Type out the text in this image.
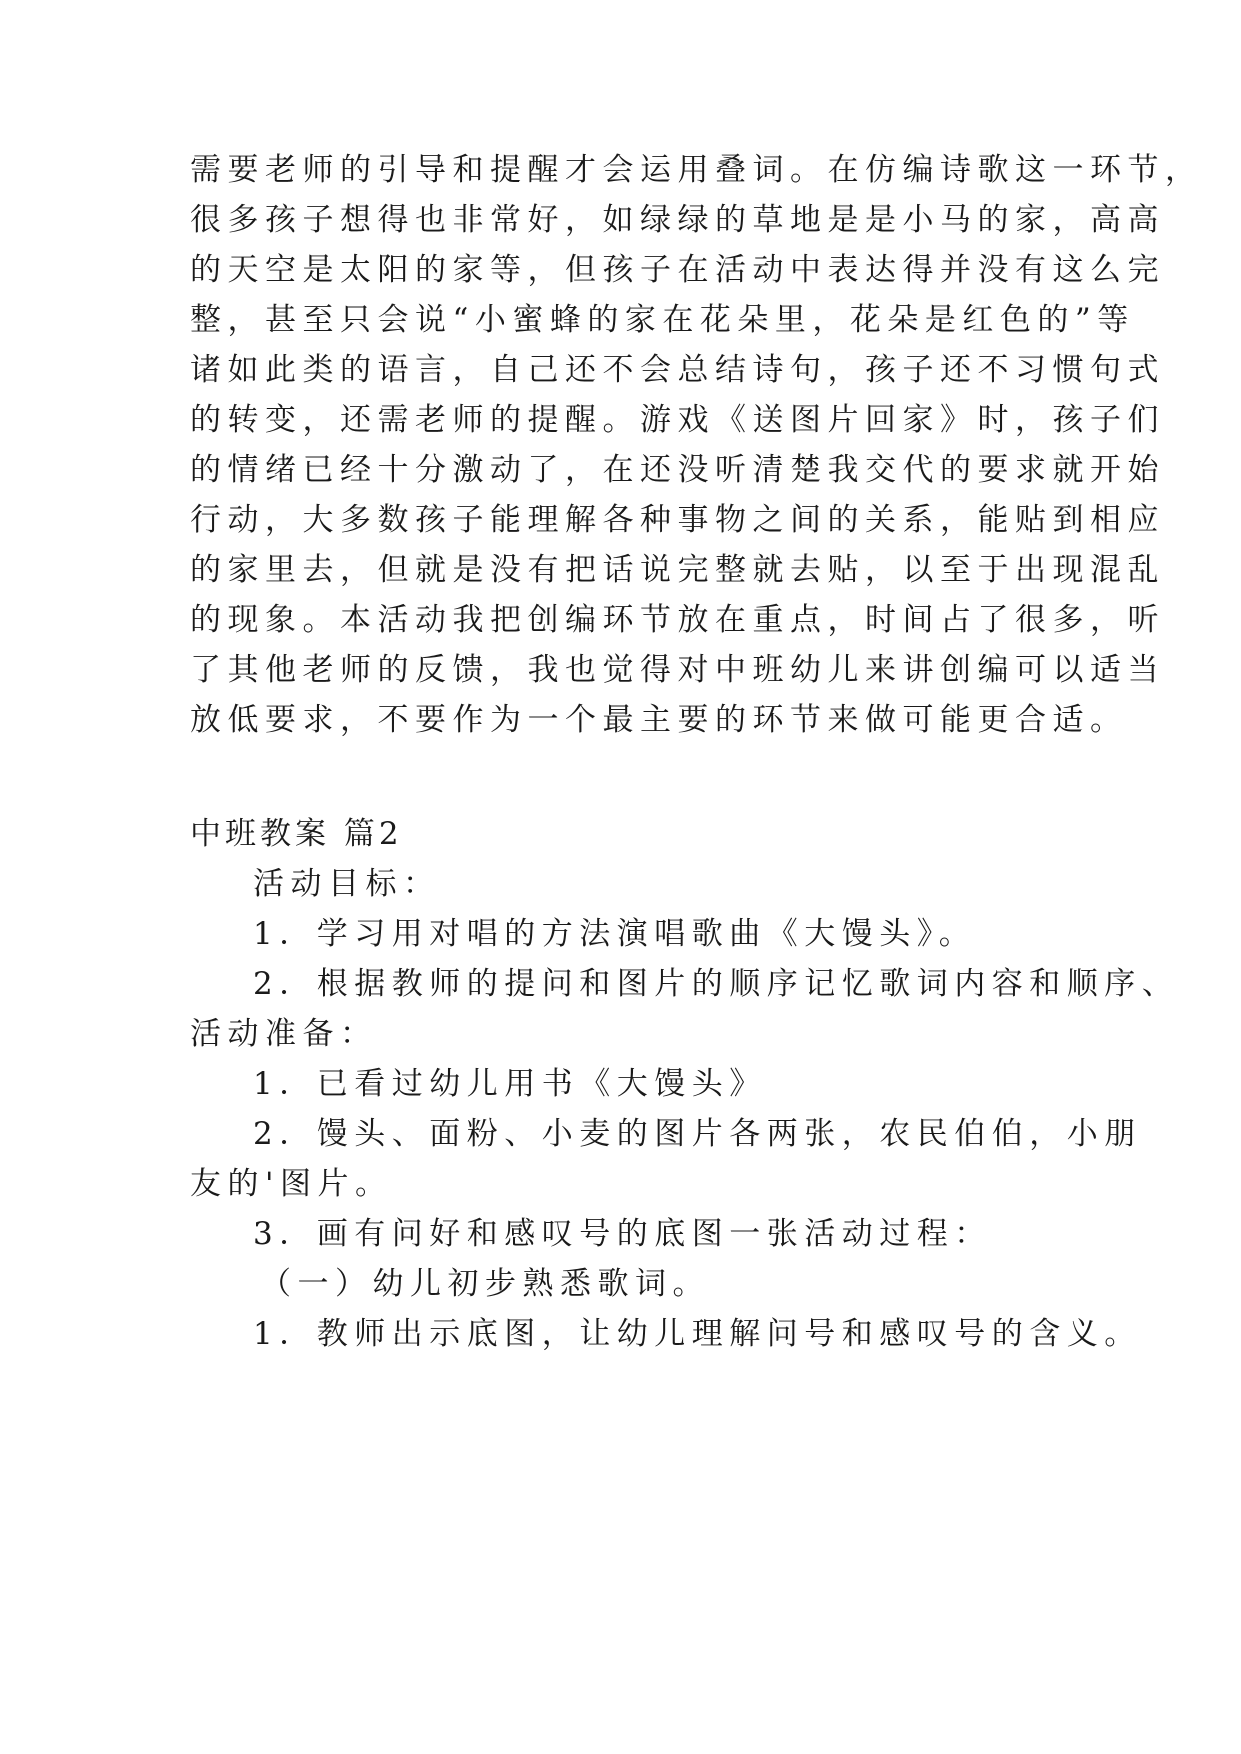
需要老师的引导和提醒才会运用叠词。在仿编诗歌这一环节，
很多孩子想得也非常好，如绿绿的草地是是小马的家，高高
的天空是太阳的家等，但孩子在活动中表达得并没有这么完
整，甚至只会说“小蜜蜂的家在花朵里，花朵是红色的”等
诸如此类的语言，自己还不会总结诗句，孩子还不习惯句式
的转变，还需老师的提醒。游戏《送图片回家》时，孩子们
的情绪已经十分激动了，在还没听清楚我交代的要求就开始
行动，大多数孩子能理解各种事物之间的关系，能贴到相应
的家里去，但就是没有把话说完整就去贴，以至于出现混乱
的现象。本活动我把创编环节放在重点，时间占了很多，听
了其他老师的反馈，我也觉得对中班幼儿来讲创编可以适当
放低要求，不要作为一个最主要的环节来做可能更合适。
中班教案 篇2
活动目标：
1．学习用对唱的方法演唱歌曲《大馒头》。
2．根据教师的提问和图片的顺序记忆歌词内容和顺序、
活动准备：
1．已看过幼儿用书《大馒头》
2．馒头、面粉、小麦的图片各两张，农民伯伯，小朋
友的'图片。
3．画有问好和感叹号的底图一张活动过程：
（一）幼儿初步熟悉歌词。
1．教师出示底图，让幼儿理解问号和感叹号的含义。
